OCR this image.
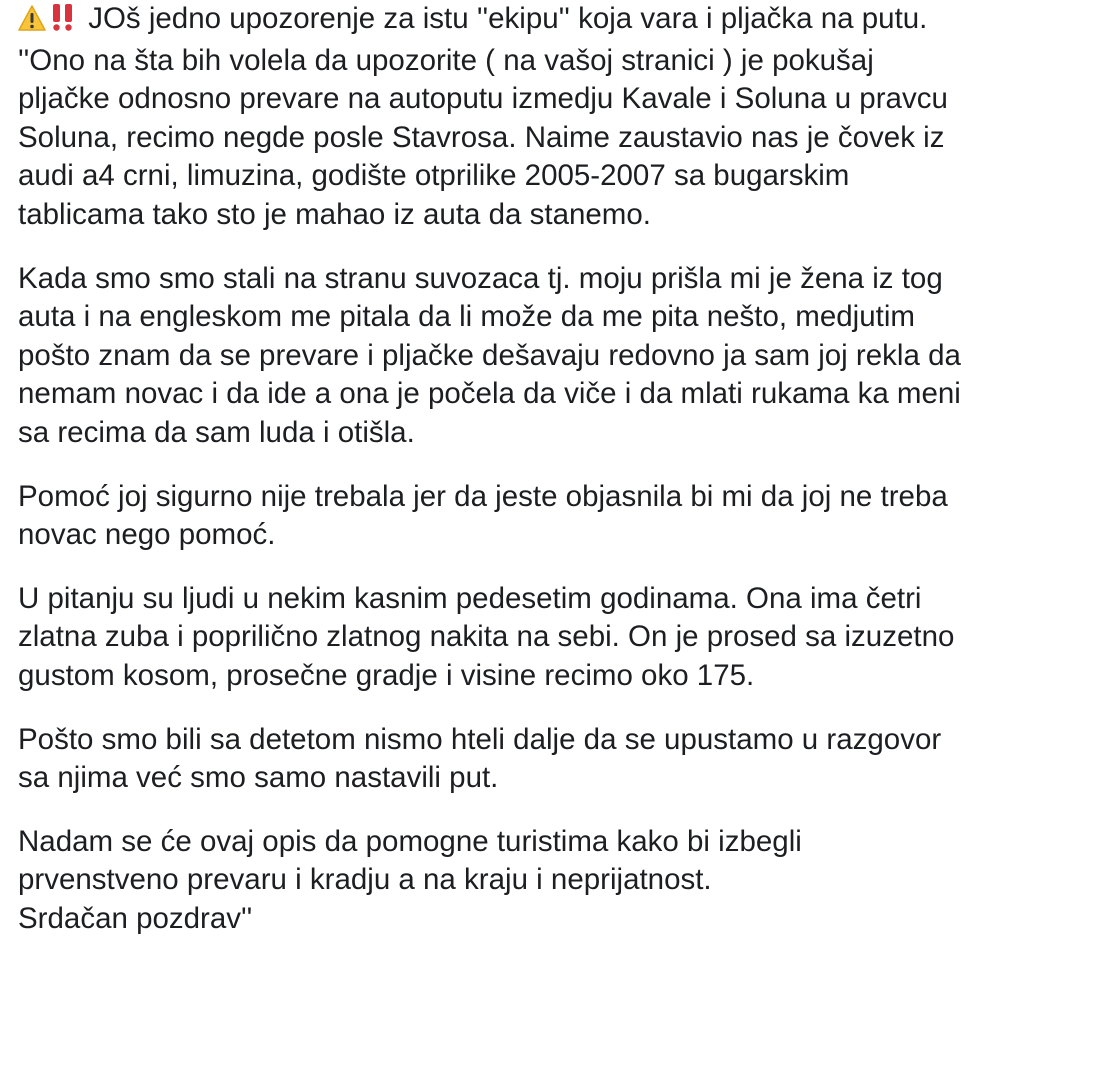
JOš jedno upozorenje za istu ''ekipu'' koja vara i pljačka na putu.
''Ono na šta bih volela da upozorite ( na vašoj stranici ) je pokušaj
pljačke odnosno prevare na autoputu izmedju Kavale i Soluna u pravcu
Soluna, recimo negde posle Stavrosa. Naime zaustavio nas je čovek iz
audi a4 crni, limuzina, godište otprilike 2005-2007 sa bugarskim
tablicama tako sto je mahao iz auta da stanemo.
Kada smo smo stali na stranu suvozaca tj. moju prišla mi je žena iz tog
auta i na engleskom me pitala da li može da me pita nešto, medjutim
pošto znam da se prevare i pljačke dešavaju redovno ja sam joj rekla da
nemam novac i da ide a ona je počela da viče i da mlati rukama ka meni
sa recima da sam luda i otišla.
Pomoć joj sigurno nije trebala jer da jeste objasnila bi mi da joj ne treba
novac nego pomoć.
U pitanju su ljudi u nekim kasnim pedesetim godinama. Ona ima četri
zlatna zuba i poprilično zlatnog nakita na sebi. On je prosed sa izuzetno
gustom kosom, prosečne gradje i visine recimo oko 175.
Pošto smo bili sa detetom nismo hteli dalje da se upustamo u razgovor
sa njima već smo samo nastavili put.
Nadam se će ovaj opis da pomogne turistima kako bi izbegli
prvenstveno prevaru i kradju a na kraju i neprijatnost.
Srdačan pozdrav''
